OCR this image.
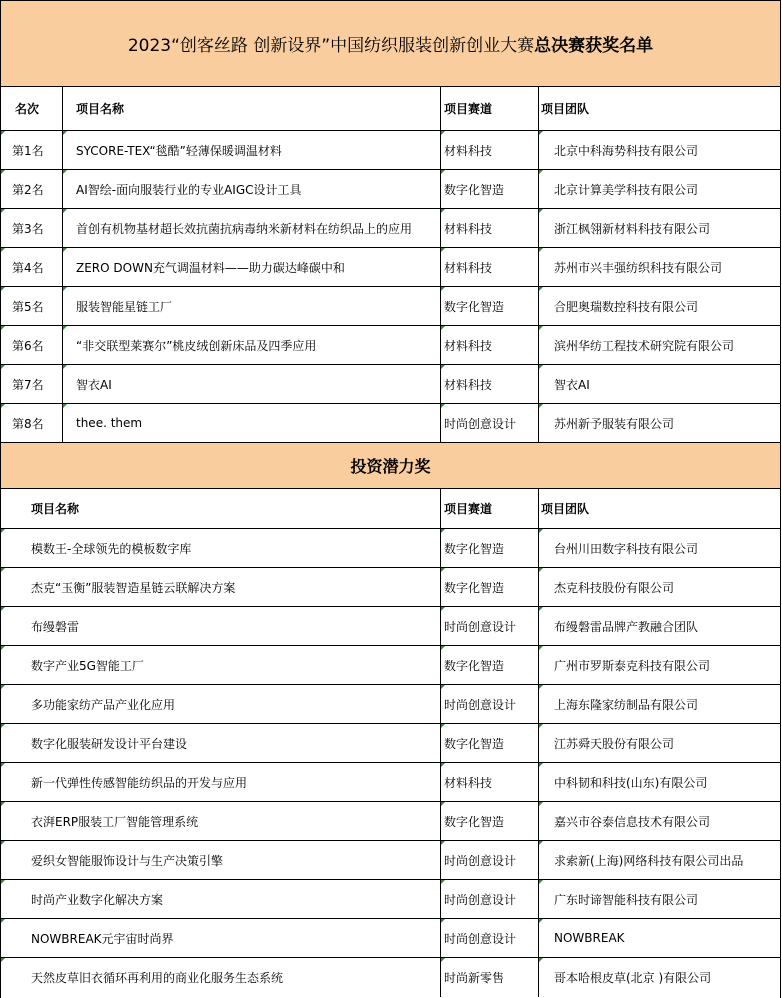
2023“创客丝路 创新设界”中国纺织服装创新创业大赛 总决赛获奖名单
名次	项目名称	项目赛道	项目团队
第1名	SYCORE-TEX“毯酷”轻薄保暖调温材料	材料科技	北京中科海势科技有限公司
第2名	AI智绘-面向服装行业的专业AIGC设计工具	数字化智造	北京计算美学科技有限公司
第3名	首创有机物基材超长效抗菌抗病毒纳米新材料在纺织品上的应用	材料科技	浙江枫翎新材料科技有限公司
第4名	ZERO DOWN充气调温材料——助力碳达峰碳中和	材料科技	苏州市兴丰强纺织科技有限公司
第5名	服装智能星链工厂	数字化智造	合肥奥瑞数控科技有限公司
第6名	“非交联型莱赛尔”桃皮绒创新床品及四季应用	材料科技	滨州华纺工程技术研究院有限公司
第7名	智衣AI	材料科技	智衣AI
第8名	thee. them	时尚创意设计	苏州新予服装有限公司
投资潜力奖
项目名称	项目赛道	项目团队
模数王-全球领先的模板数字库	数字化智造	台州川田数字科技有限公司
杰克“玉衡”服装智造星链云联解决方案	数字化智造	杰克科技股份有限公司
布缦磐雷	时尚创意设计	布缦磐雷品牌产教融合团队
数字产业5G智能工厂	数字化智造	广州市罗斯泰克科技有限公司
多功能家纺产品产业化应用	时尚创意设计	上海东隆家纺制品有限公司
数字化服装研发设计平台建设	数字化智造	江苏舜天股份有限公司
新一代弹性传感智能纺织品的开发与应用	材料科技	中科韧和科技(山东)有限公司
衣湃ERP服装工厂智能管理系统	数字化智造	嘉兴市谷泰信息技术有限公司
爱织女智能服饰设计与生产决策引擎	时尚创意设计	求索新(上海)网络科技有限公司出品
时尚产业数字化解决方案	时尚创意设计	广东时谛智能科技有限公司
NOWBREAK元宇宙时尚界	时尚创意设计	NOWBREAK
天然皮草旧衣循环再利用的商业化服务生态系统	时尚新零售	哥本哈根皮草(北京 )有限公司
